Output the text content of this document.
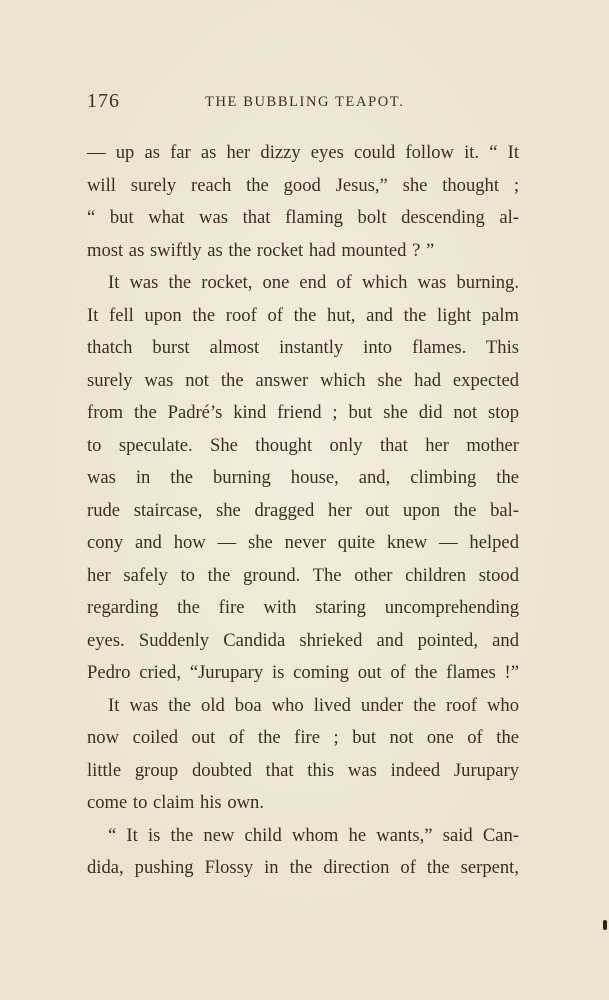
176	THE BUBBLING TEAPOT.
— up as far as her dizzy eyes could follow it. “ It
will surely reach the good Jesus,” she thought ;
“ but what was that flaming bolt descending al-
most as swiftly as the rocket had mounted ? ”
It was the rocket, one end of which was burning.
It fell upon the roof of the hut, and the light palm
thatch burst almost instantly into flames. This
surely was not the answer which she had expected
from the Padré’s kind friend ; but she did not stop
to speculate. She thought only that her mother
was in the burning house, and, climbing the
rude staircase, she dragged her out upon the bal-
cony and how — she never quite knew — helped
her safely to the ground. The other children stood
regarding the fire with staring uncomprehending
eyes. Suddenly Candida shrieked and pointed, and
Pedro cried, “Jurupary is coming out of the flames !”
It was the old boa who lived under the roof who
now coiled out of the fire ; but not one of the
little group doubted that this was indeed Jurupary
come to claim his own.
“ It is the new child whom he wants,” said Can-
dida, pushing Flossy in the direction of the serpent,
